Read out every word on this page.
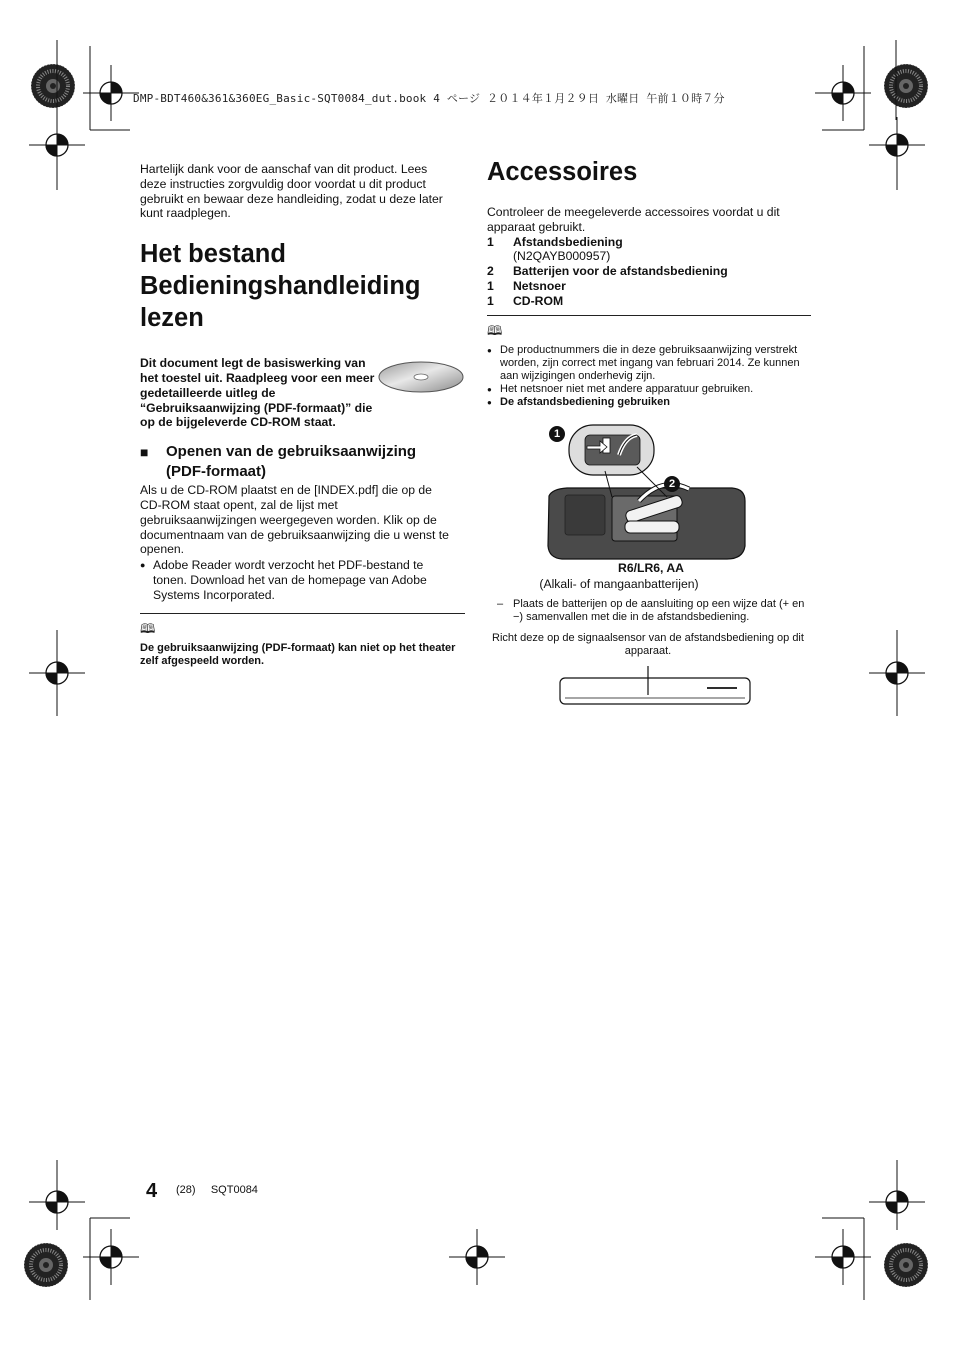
DMP-BDT460&361&360EG_Basic-SQT0084_dut.book 4 ページ ２０１４年１月２９日 水曜日 午前１０時７分

Hartelijk dank voor de aanschaf van dit product. Lees deze instructies zorgvuldig door voordat u dit product gebruikt en bewaar deze handleiding, zodat u deze later kunt raadplegen.

Het bestand
Bedieningshandleiding
lezen

Dit document legt de basiswerking van het toestel uit. Raadpleeg voor een meer gedetailleerde uitleg de “Gebruiksaanwijzing (PDF-formaat)” die op de bijgeleverde CD-ROM staat.

■	Openen van de gebruiksaanwijzing
(PDF-formaat)

Als u de CD-ROM plaatst en de [INDEX.pdf] die op de CD-ROM staat opent, zal de lijst met gebruiksaanwijzingen weergegeven worden. Klik op de documentnaam van de gebruiksaanwijzing die u wenst te openen.

● Adobe Reader wordt verzocht het PDF-bestand te tonen. Download het van de homepage van Adobe Systems Incorporated.
🕮

De gebruiksaanwijzing (PDF-formaat) kan niet op het theater zelf afgespeeld worden.

Accessoires

Controleer de meegeleverde accessoires voordat u dit apparaat gebruikt.

1	Afstandsbediening
(N2QAYB000957)
2	Batterijen voor de afstandsbediening
1	Netsnoer
1	CD-ROM
🕮
● De productnummers die in deze gebruiksaanwijzing verstrekt worden, zijn correct met ingang van februari 2014. Ze kunnen aan wijzigingen onderhevig zijn.
● Het netsnoer niet met andere apparatuur gebruiken.
● De afstandsbediening gebruiken
1
2
R6/LR6, AA
(Alkali- of mangaanbatterijen)
– Plaats de batterijen op de aansluiting op een wijze dat (+ en −) samenvallen met die in de afstandsbediening.

Richt deze op de signaalsensor van de afstandsbediening op dit apparaat.

4 (28)     SQT0084
